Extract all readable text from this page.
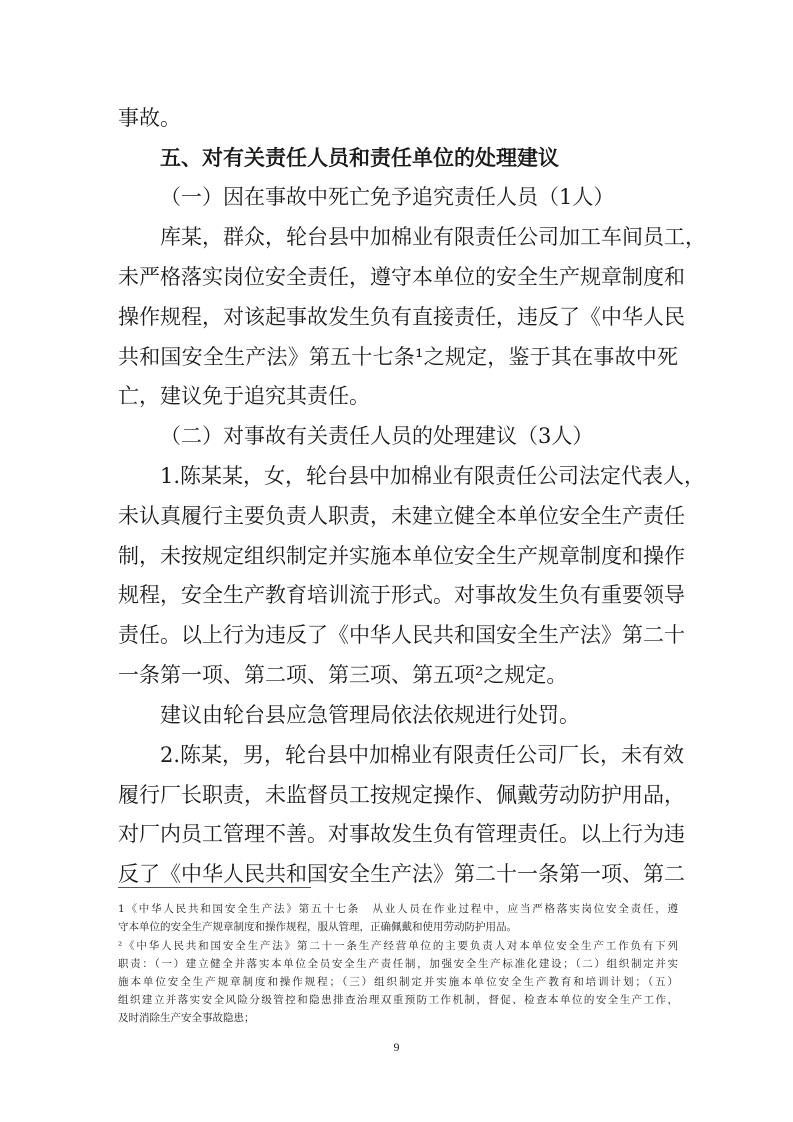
事故。
五、对有关责任人员和责任单位的处理建议
（一）因在事故中死亡免予追究责任人员（1人）
库某，群众，轮台县中加棉业有限责任公司加工车间员工，
未严格落实岗位安全责任，遵守本单位的安全生产规章制度和
操作规程，对该起事故发生负有直接责任，违反了《中华人民
共和国安全生产法》第五十七条¹之规定，鉴于其在事故中死
亡，建议免于追究其责任。
（二）对事故有关责任人员的处理建议（3人）
1.陈某某，女，轮台县中加棉业有限责任公司法定代表人，
未认真履行主要负责人职责，未建立健全本单位安全生产责任
制，未按规定组织制定并实施本单位安全生产规章制度和操作
规程，安全生产教育培训流于形式。对事故发生负有重要领导
责任。以上行为违反了《中华人民共和国安全生产法》第二十
一条第一项、第二项、第三项、第五项²之规定。
建议由轮台县应急管理局依法依规进行处罚。
2.陈某，男，轮台县中加棉业有限责任公司厂长，未有效
履行厂长职责，未监督员工按规定操作、佩戴劳动防护用品，
对厂内员工管理不善。对事故发生负有管理责任。以上行为违
反了《中华人民共和国安全生产法》第二十一条第一项、第二
1《中华人民共和国安全生产法》第五十七条　从业人员在作业过程中，应当严格落实岗位安全责任，遵
守本单位的安全生产规章制度和操作规程，服从管理，正确佩戴和使用劳动防护用品。
²《中华人民共和国安全生产法》第二十一条生产经营单位的主要负责人对本单位安全生产工作负有下列
职责：（一）建立健全并落实本单位全员安全生产责任制，加强安全生产标准化建设；（二）组织制定并实
施本单位安全生产规章制度和操作规程；（三）组织制定并实施本单位安全生产教育和培训计划；（五）
组织建立并落实安全风险分级管控和隐患排查治理双重预防工作机制，督促、检查本单位的安全生产工作，
及时消除生产安全事故隐患；
9
